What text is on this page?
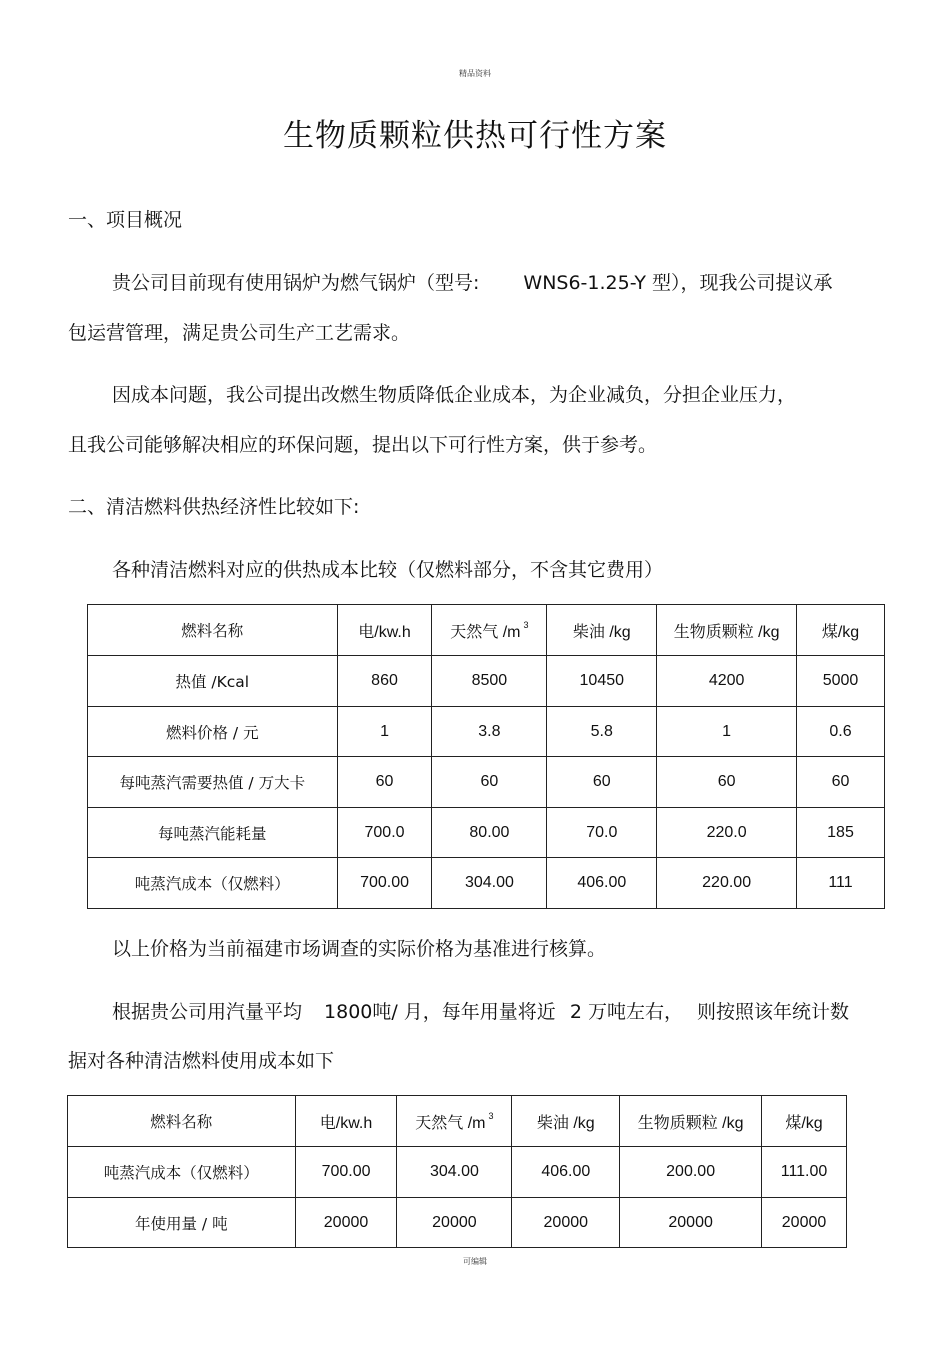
精品资料
生物质颗粒供热可行性方案
一、项目概况
贵公司目前现有使用锅炉为燃气锅炉（型号: WNS6-1.25-Y 型），现我公司提议承
包运营管理，满足贵公司生产工艺需求。
因成本问题，我公司提出改燃生物质降低企业成本，为企业减负，分担企业压力，
且我公司能够解决相应的环保问题，提出以下可行性方案，供于参考。
二、清洁燃料供热经济性比较如下:
各种清洁燃料对应的供热成本比较（仅燃料部分，不含其它费用）
燃料名称	电/kw.h	天然气 /m $^3$	柴油 /kg	生物质颗粒 /kg	煤/kg
热值 /Kcal	860	8500	10450	4200	5000
燃料价格 / 元	1	3.8	5.8	1	0.6
每吨蒸汽需要热值 / 万大卡	60	60	60	60	60
每吨蒸汽能耗量	700.0	80.00	70.0	220.0	185
吨蒸汽成本（仅燃料）	700.00	304.00	406.00	220.00	111
以上价格为当前福建市场调查的实际价格为基准进行核算。
根据贵公司用汽量平均 1800吨/ 月，每年用量将近 2 万吨左右， 则按照该年统计数
据对各种清洁燃料使用成本如下
燃料名称	电/kw.h	天然气 /m $^3$	柴油 /kg	生物质颗粒 /kg	煤/kg
吨蒸汽成本（仅燃料）	700.00	304.00	406.00	200.00	111.00
年使用量 / 吨	20000	20000	20000	20000	20000
可编辑
